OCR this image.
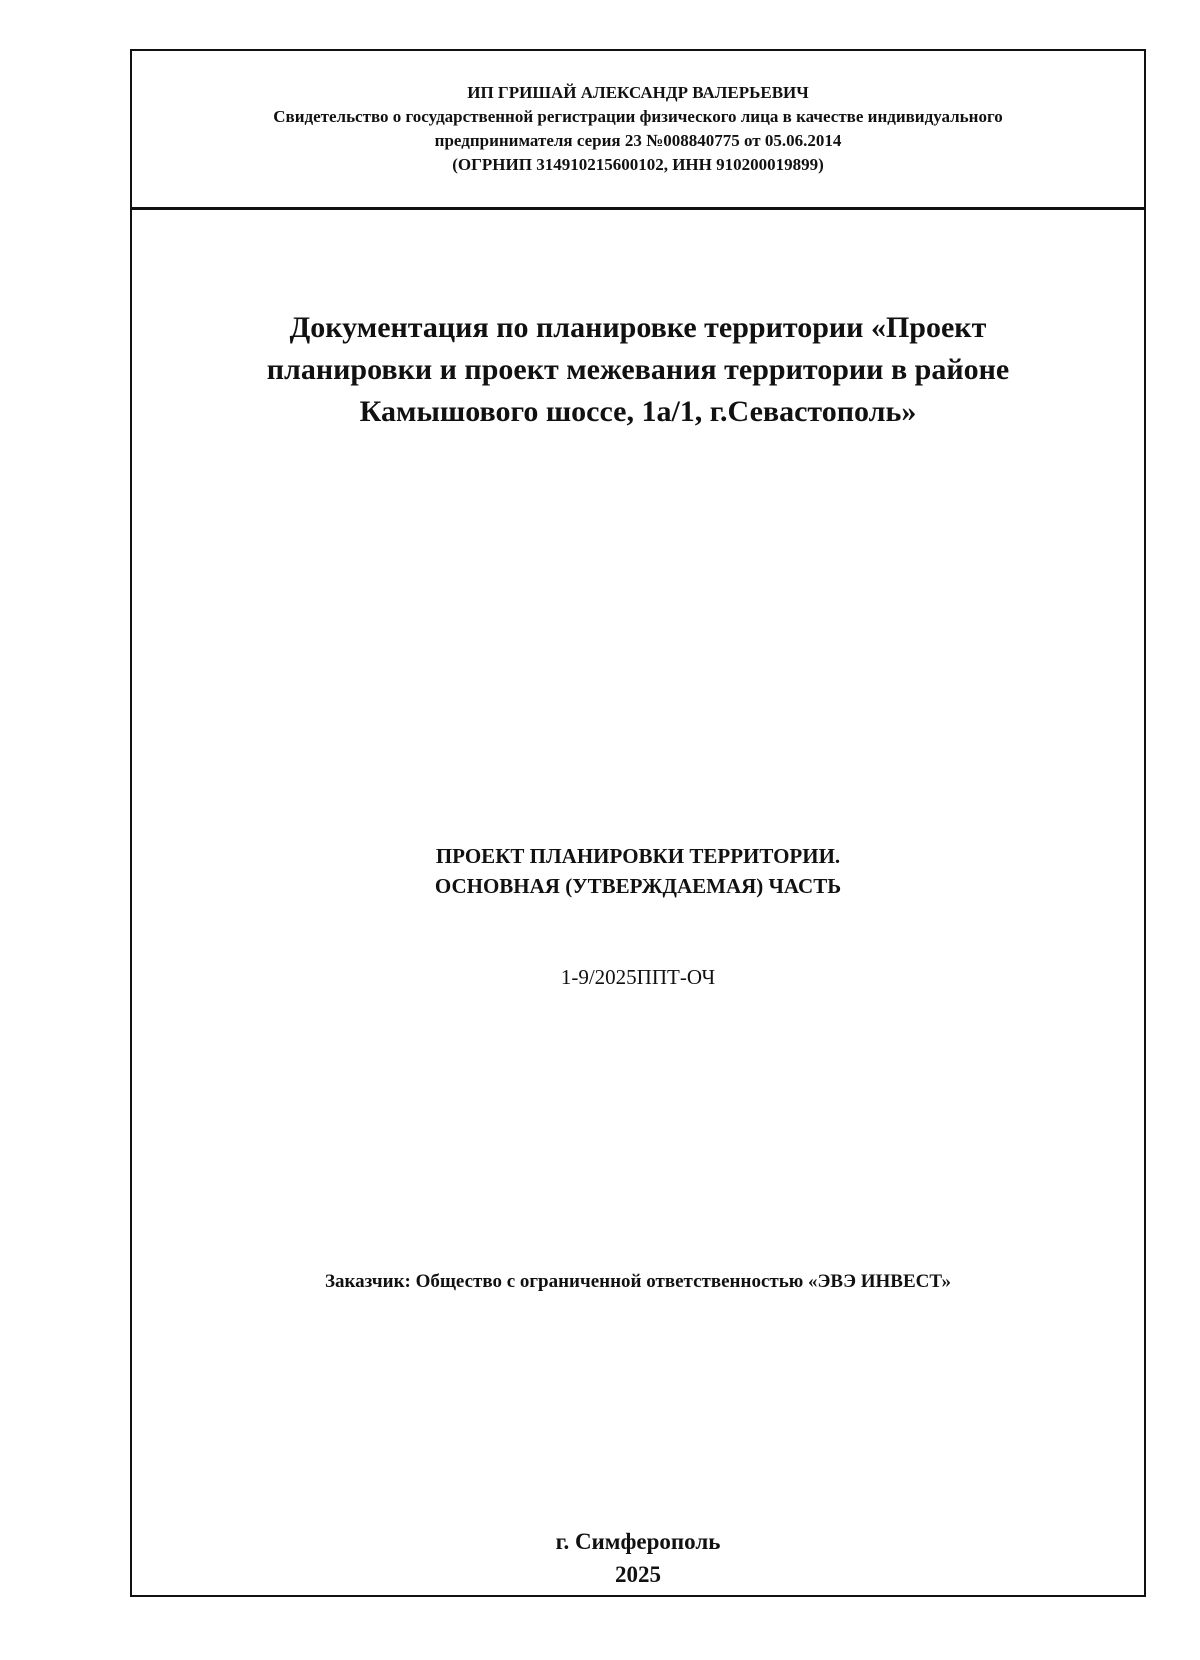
ИП ГРИШАЙ АЛЕКСАНДР ВАЛЕРЬЕВИЧ
Свидетельство о государственной регистрации физического лица в качестве индивидуального
предпринимателя серия 23 №008840775 от 05.06.2014
(ОГРНИП 314910215600102, ИНН 910200019899)
Документация по планировке территории «Проект
планировки и проект межевания территории в районе
Камышового шоссе, 1а/1, г.Севастополь»
ПРОЕКТ ПЛАНИРОВКИ ТЕРРИТОРИИ.
ОСНОВНАЯ (УТВЕРЖДАЕМАЯ) ЧАСТЬ
1-9/2025ППТ-ОЧ
Заказчик: Общество с ограниченной ответственностью «ЭВЭ ИНВЕСТ»
г. Симферополь
2025
